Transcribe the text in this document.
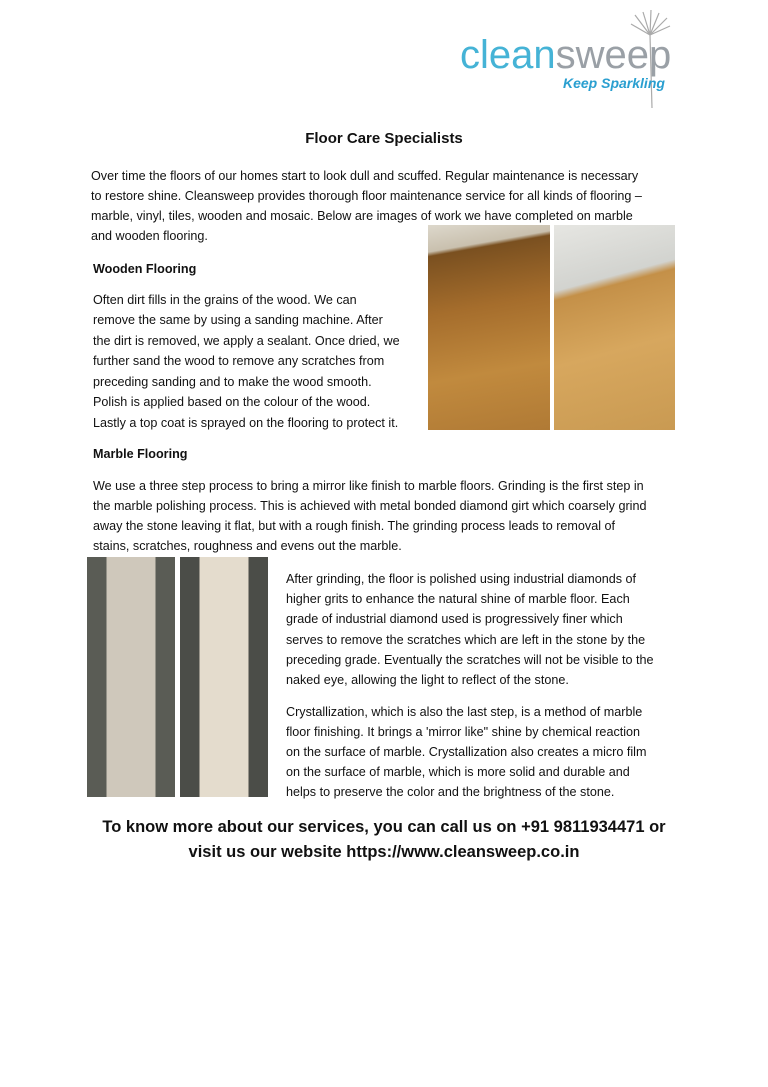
cleansweep
Keep Sparkling
Floor Care Specialists
Over time the floors of our homes start to look dull and scuffed. Regular maintenance is necessary
to restore shine. Cleansweep provides thorough floor maintenance service for all kinds of flooring –
marble, vinyl, tiles, wooden and mosaic. Below are images of work we have completed on marble
and wooden flooring.
Wooden Flooring
Often dirt fills in the grains of the wood. We can
remove the same by using a sanding machine. After
the dirt is removed, we apply a sealant. Once dried, we
further sand the wood to remove any scratches from
preceding sanding and to make the wood smooth.
Polish is applied based on the colour of the wood.
Lastly a top coat is sprayed on the flooring to protect it.
Marble Flooring
We use a three step process to bring a mirror like finish to marble floors. Grinding is the first step in
the marble polishing process. This is achieved with metal bonded diamond girt which coarsely grind
away the stone leaving it flat, but with a rough finish. The grinding process leads to removal of
stains, scratches, roughness and evens out the marble.
After grinding, the floor is polished using industrial diamonds of
higher grits to enhance the natural shine of marble floor. Each
grade of industrial diamond used is progressively finer which
serves to remove the scratches which are left in the stone by the
preceding grade. Eventually the scratches will not be visible to the
naked eye, allowing the light to reflect of the stone.
Crystallization, which is also the last step, is a method of marble
floor finishing. It brings a 'mirror like" shine by chemical reaction
on the surface of marble. Crystallization also creates a micro film
on the surface of marble, which is more solid and durable and
helps to preserve the color and the brightness of the stone.
To know more about our services, you can call us on +91 9811934471 or
visit us our website https://www.cleansweep.co.in
